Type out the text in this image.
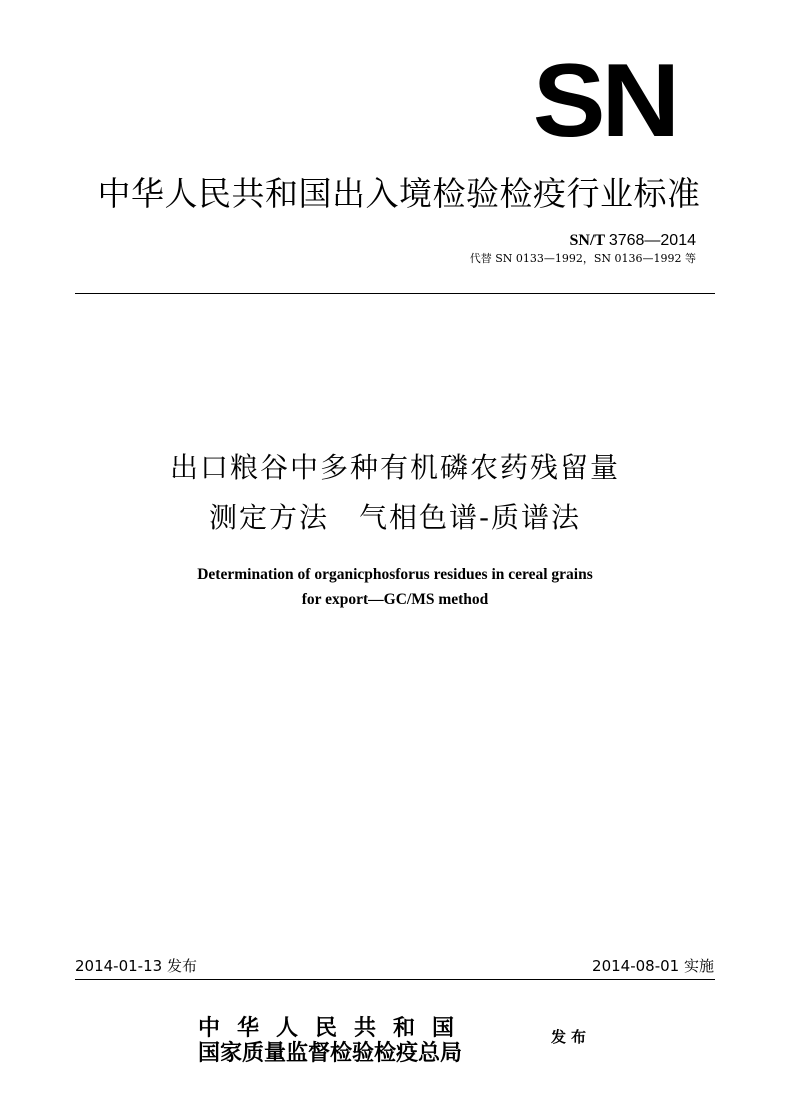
SN
中华人民共和国出入境检验检疫行业标准
SN/T 3768—2014
代替 SN 0133—1992，SN 0136—1992 等
出口粮谷中多种有机磷农药残留量
测定方法　气相色谱-质谱法
Determination of organicphosforus residues in cereal grains
for export—GC/MS method
2014-01-13 发布	2014-08-01 实施
中华人民共和国
国家质量监督检验检疫总局
发布
